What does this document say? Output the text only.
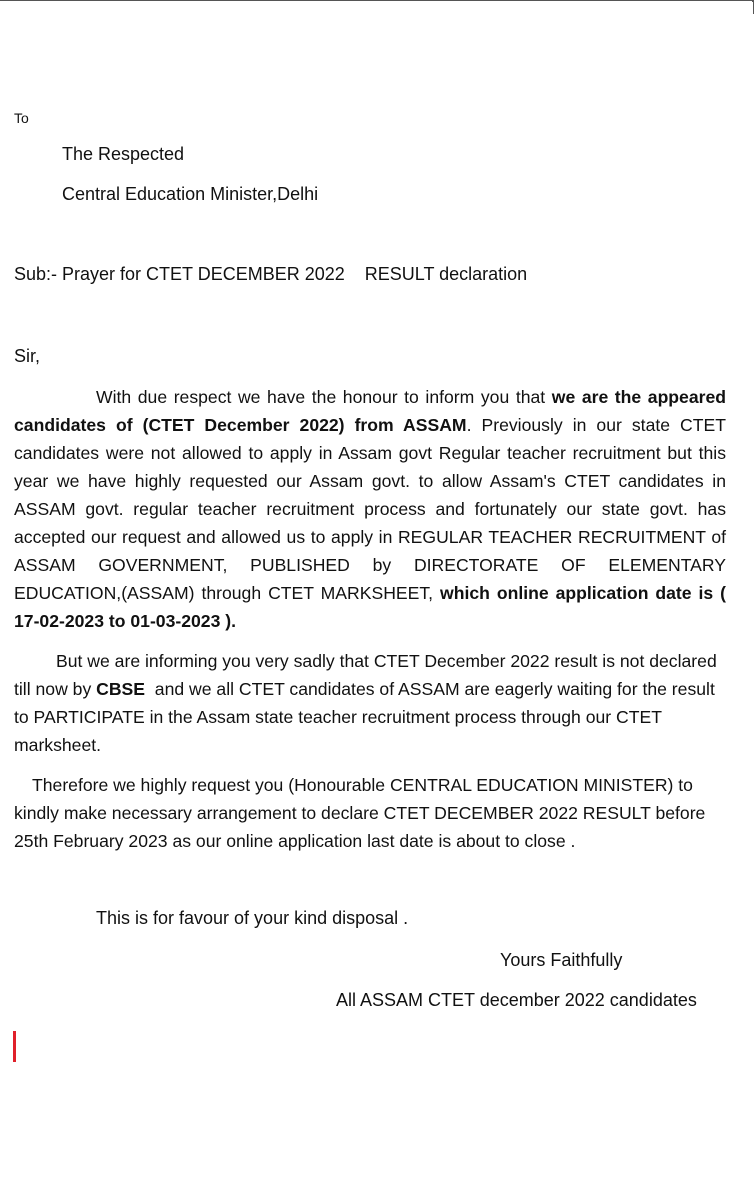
To
The Respected
Central Education Minister,Delhi
Sub:- Prayer for CTET DECEMBER 2022    RESULT declaration
Sir,

With due respect we have the honour to inform you that we are the appeared candidates of (CTET December 2022) from ASSAM. Previously in our state CTET candidates were not allowed to apply in Assam govt Regular teacher recruitment but this year we have highly requested our Assam govt. to allow Assam's CTET candidates in ASSAM govt. regular teacher recruitment process and fortunately our state govt. has accepted our request and allowed us to apply in REGULAR TEACHER RECRUITMENT of ASSAM GOVERNMENT, PUBLISHED by DIRECTORATE OF ELEMENTARY EDUCATION,(ASSAM) through CTET MARKSHEET, which online application date is ( 17-02-2023 to 01-03-2023 ).

But we are informing you very sadly that CTET December 2022 result is not declared till now by CBSE  and we all CTET candidates of ASSAM are eagerly waiting for the result to PARTICIPATE in the Assam state teacher recruitment process through our CTET marksheet.

Therefore we highly request you (Honourable CENTRAL EDUCATION MINISTER) to kindly make necessary arrangement to declare CTET DECEMBER 2022 RESULT before 25th February 2023 as our online application last date is about to close .

This is for favour of your kind disposal .
Yours Faithfully
All ASSAM CTET december 2022 candidates
